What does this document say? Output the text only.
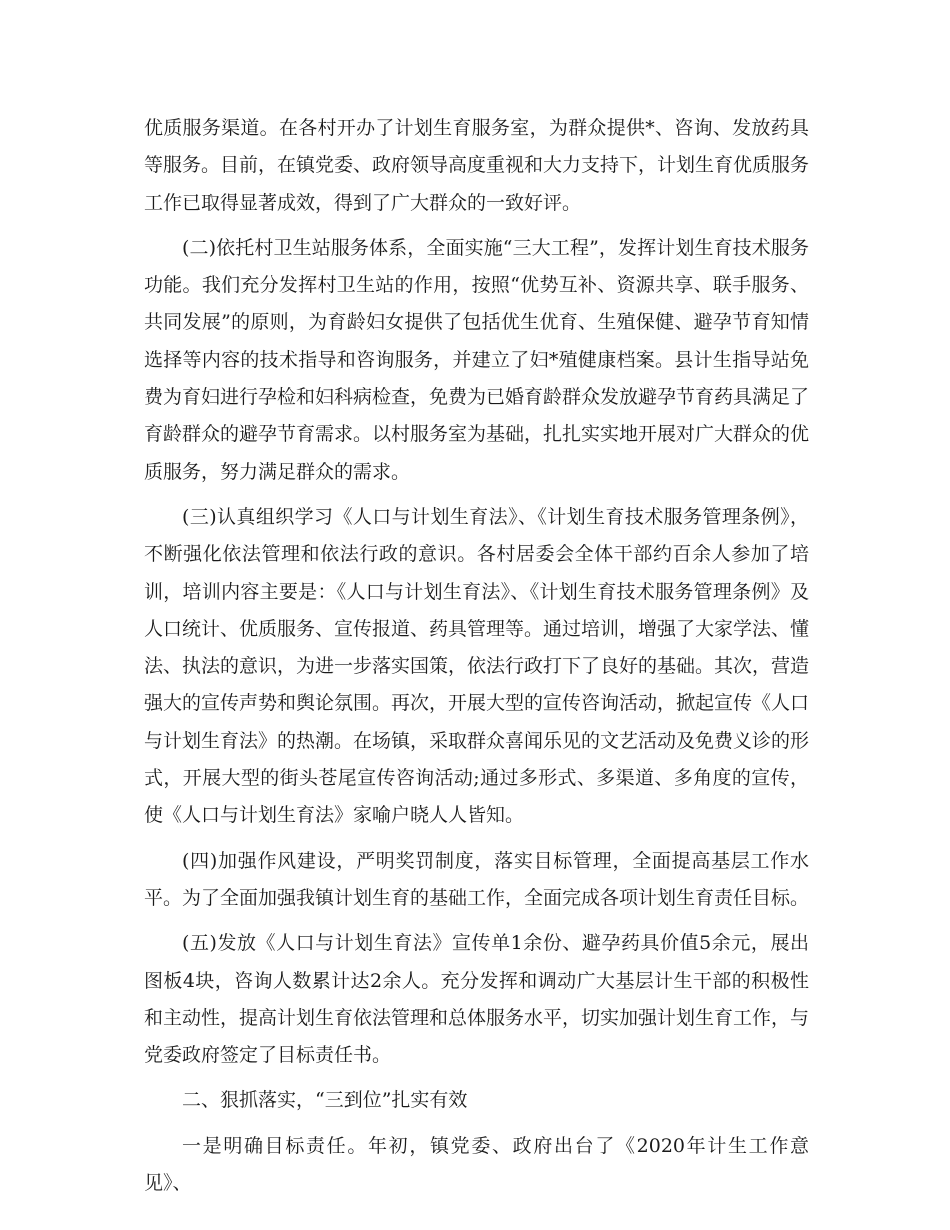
优质服务渠道。在各村开办了计划生育服务室，为群众提供*、咨询、发放药具等服务。目前，在镇党委、政府领导高度重视和大力支持下，计划生育优质服务工作已取得显著成效，得到了广大群众的一致好评。

(二)依托村卫生站服务体系，全面实施“三大工程”，发挥计划生育技术服务功能。我们充分发挥村卫生站的作用，按照“优势互补、资源共享、联手服务、共同发展”的原则，为育龄妇女提供了包括优生优育、生殖保健、避孕节育知情选择等内容的技术指导和咨询服务，并建立了妇*殖健康档案。县计生指导站免费为育妇进行孕检和妇科病检查，免费为已婚育龄群众发放避孕节育药具满足了育龄群众的避孕节育需求。以村服务室为基础，扎扎实实地开展对广大群众的优质服务，努力满足群众的需求。

(三)认真组织学习《人口与计划生育法》、《计划生育技术服务管理条例》，不断强化依法管理和依法行政的意识。各村居委会全体干部约百余人参加了培训，培训内容主要是：《人口与计划生育法》、《计划生育技术服务管理条例》及人口统计、优质服务、宣传报道、药具管理等。通过培训，增强了大家学法、懂法、执法的意识，为进一步落实国策，依法行政打下了良好的基础。其次，营造强大的宣传声势和舆论氛围。再次，开展大型的宣传咨询活动，掀起宣传《人口与计划生育法》的热潮。在场镇，采取群众喜闻乐见的文艺活动及免费义诊的形式，开展大型的街头苍尾宣传咨询活动;通过多形式、多渠道、多角度的宣传，使《人口与计划生育法》家喻户晓人人皆知。

(四)加强作风建设，严明奖罚制度，落实目标管理，全面提高基层工作水平。为了全面加强我镇计划生育的基础工作，全面完成各项计划生育责任目标。

(五)发放《人口与计划生育法》宣传单1余份、避孕药具价值5余元，展出图板4块，咨询人数累计达2余人。充分发挥和调动广大基层计生干部的积极性和主动性，提高计划生育依法管理和总体服务水平，切实加强计划生育工作，与党委政府签定了目标责任书。

二、狠抓落实，“三到位”扎实有效

一是明确目标责任。年初，镇党委、政府出台了《2020年计生工作意见》、
